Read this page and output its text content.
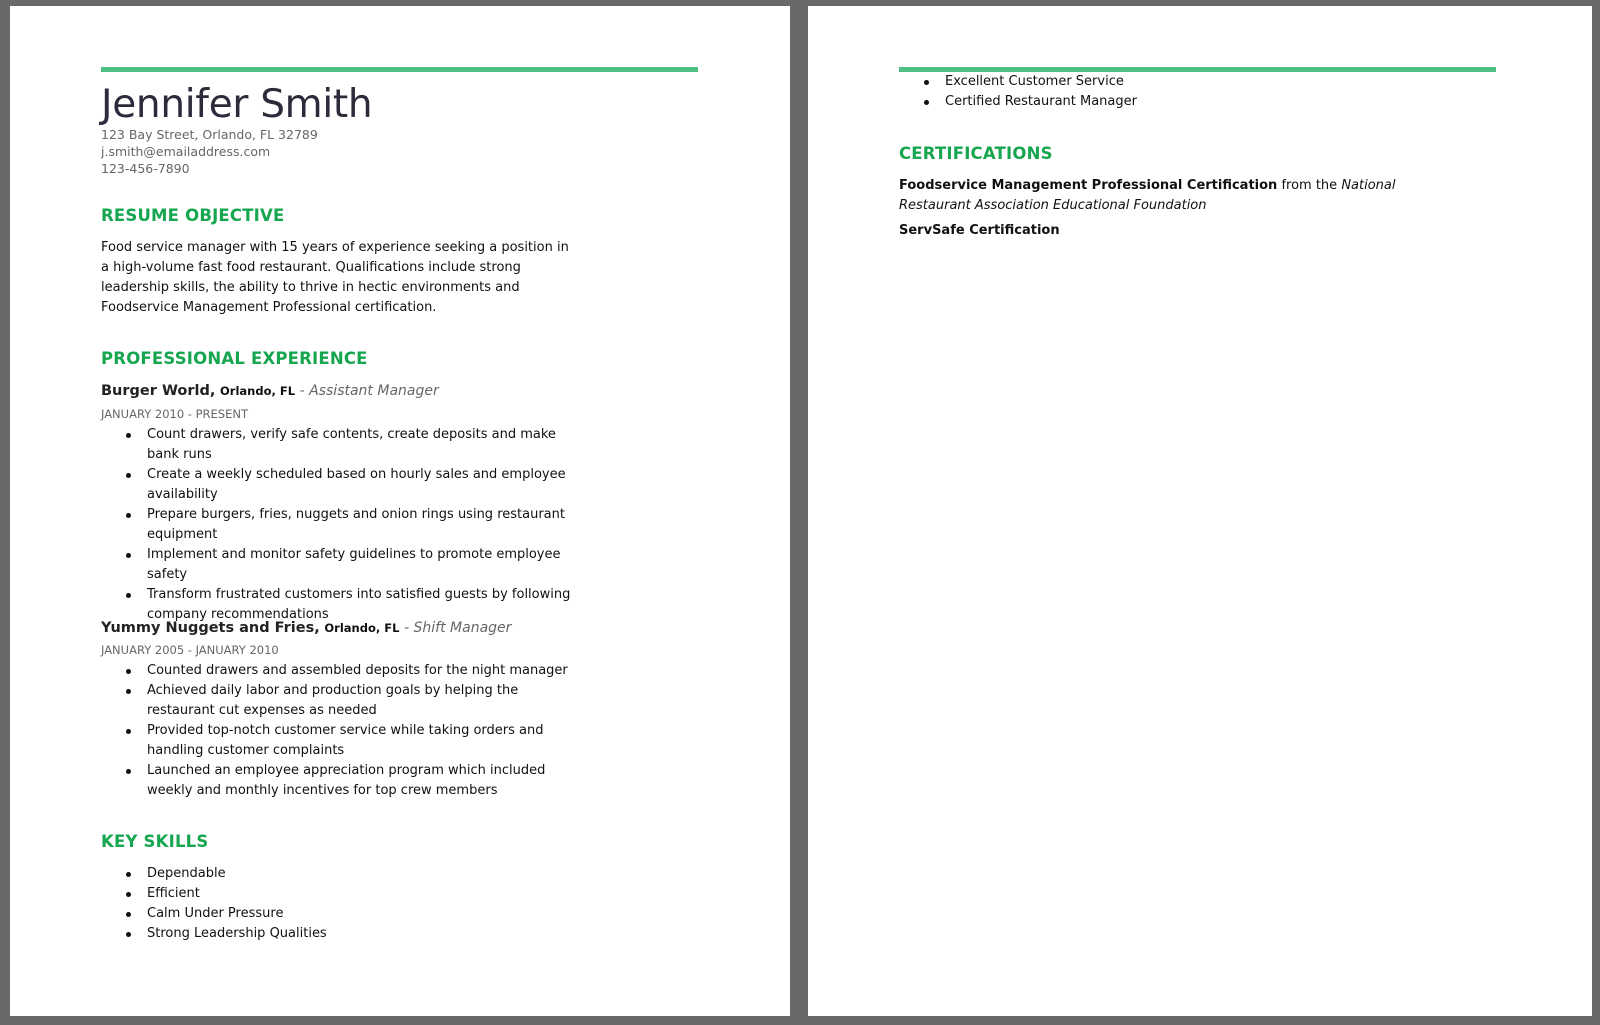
Jennifer Smith
123 Bay Street, Orlando, FL 32789
j.smith@emailaddress.com
123-456-7890
RESUME OBJECTIVE

Food service manager with 15 years of experience seeking a position in a high-volume fast food restaurant. Qualifications include strong leadership skills, the ability to thrive in hectic environments and Foodservice Management Professional certification.

PROFESSIONAL EXPERIENCE
Burger World, Orlando, FL - Assistant Manager
JANUARY 2010 - PRESENT
Count drawers, verify safe contents, create deposits and make bank runs
Create a weekly scheduled based on hourly sales and employee availability
Prepare burgers, fries, nuggets and onion rings using restaurant equipment
Implement and monitor safety guidelines to promote employee safety
Transform frustrated customers into satisfied guests by following company recommendations
Yummy Nuggets and Fries, Orlando, FL - Shift Manager
JANUARY 2005 - JANUARY 2010
Counted drawers and assembled deposits for the night manager
Achieved daily labor and production goals by helping the restaurant cut expenses as needed
Provided top-notch customer service while taking orders and handling customer complaints
Launched an employee appreciation program which included weekly and monthly incentives for top crew members
KEY SKILLS
Dependable
Efficient
Calm Under Pressure
Strong Leadership Qualities
Excellent Customer Service
Certified Restaurant Manager
CERTIFICATIONS
Foodservice Management Professional Certification from the National Restaurant Association Educational Foundation
ServSafe Certification
